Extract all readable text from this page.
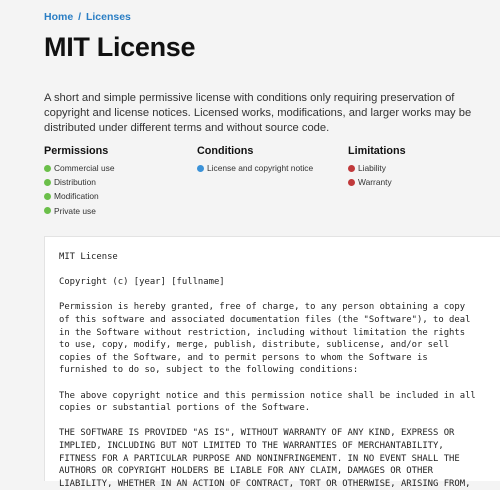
Home / Licenses
MIT License

A short and simple permissive license with conditions only requiring preservation of copyright and license notices. Licensed works, modifications, and larger works may be distributed under different terms and without source code.

Permissions
Commercial use
Distribution
Modification
Private use
Conditions
License and copyright notice
Limitations
Liability
Warranty
MIT License

Copyright (c) [year] [fullname]

Permission is hereby granted, free of charge, to any person obtaining a copy
of this software and associated documentation files (the "Software"), to deal
in the Software without restriction, including without limitation the rights
to use, copy, modify, merge, publish, distribute, sublicense, and/or sell
copies of the Software, and to permit persons to whom the Software is
furnished to do so, subject to the following conditions:

The above copyright notice and this permission notice shall be included in all
copies or substantial portions of the Software.

THE SOFTWARE IS PROVIDED "AS IS", WITHOUT WARRANTY OF ANY KIND, EXPRESS OR
IMPLIED, INCLUDING BUT NOT LIMITED TO THE WARRANTIES OF MERCHANTABILITY,
FITNESS FOR A PARTICULAR PURPOSE AND NONINFRINGEMENT. IN NO EVENT SHALL THE
AUTHORS OR COPYRIGHT HOLDERS BE LIABLE FOR ANY CLAIM, DAMAGES OR OTHER
LIABILITY, WHETHER IN AN ACTION OF CONTRACT, TORT OR OTHERWISE, ARISING FROM,
